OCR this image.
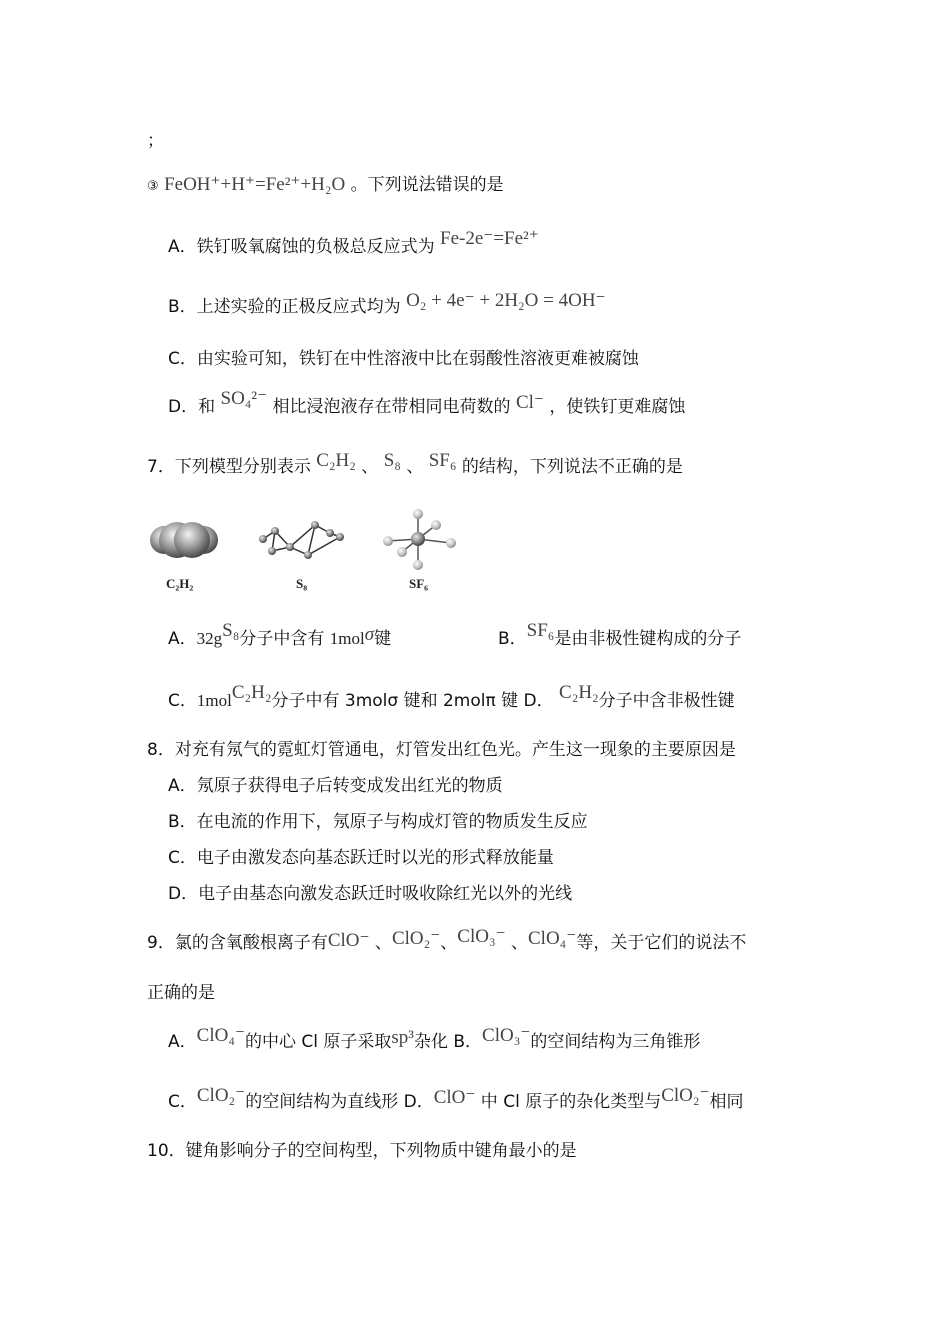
；
③ FeOH⁺+H⁺=Fe²⁺+H₂O 。下列说法错误的是
A．铁钉吸氧腐蚀的负极总反应式为 Fe-2e⁻=Fe²⁺
B．上述实验的正极反应式均为 O₂ + 4e⁻ + 2H₂O = 4OH⁻
C．由实验可知，铁钉在中性溶液中比在弱酸性溶液更难被腐蚀
D．和 SO₄²⁻ 相比浸泡液存在带相同电荷数的 Cl⁻ ，使铁钉更难腐蚀
7．下列模型分别表示 C₂H₂ 、 S₈ 、 SF₆ 的结构，下列说法不正确的是
C₂H₂	S₈	SF₆
A．32gS₈分子中含有 1molσ键	B．SF₆是由非极性键构成的分子
C．1molC₂H₂分子中有 3molσ 键和 2molπ 键 D． C₂H₂分子中含非极性键
8．对充有氖气的霓虹灯管通电，灯管发出红色光。产生这一现象的主要原因是
A．氖原子获得电子后转变成发出红光的物质
B．在电流的作用下，氖原子与构成灯管的物质发生反应
C．电子由激发态向基态跃迁时以光的形式释放能量
D．电子由基态向激发态跃迁时吸收除红光以外的光线
9．氯的含氧酸根离子有ClO⁻ 、ClO₂⁻、ClO₃⁻ 、ClO₄⁻等，关于它们的说法不
正确的是
A．ClO₄⁻的中心 Cl 原子采取sp³杂化 B．ClO₃⁻的空间结构为三角锥形
C．ClO₂⁻的空间结构为直线形 D．ClO⁻ 中 Cl 原子的杂化类型与ClO₂⁻相同
10．键角影响分子的空间构型，下列物质中键角最小的是
